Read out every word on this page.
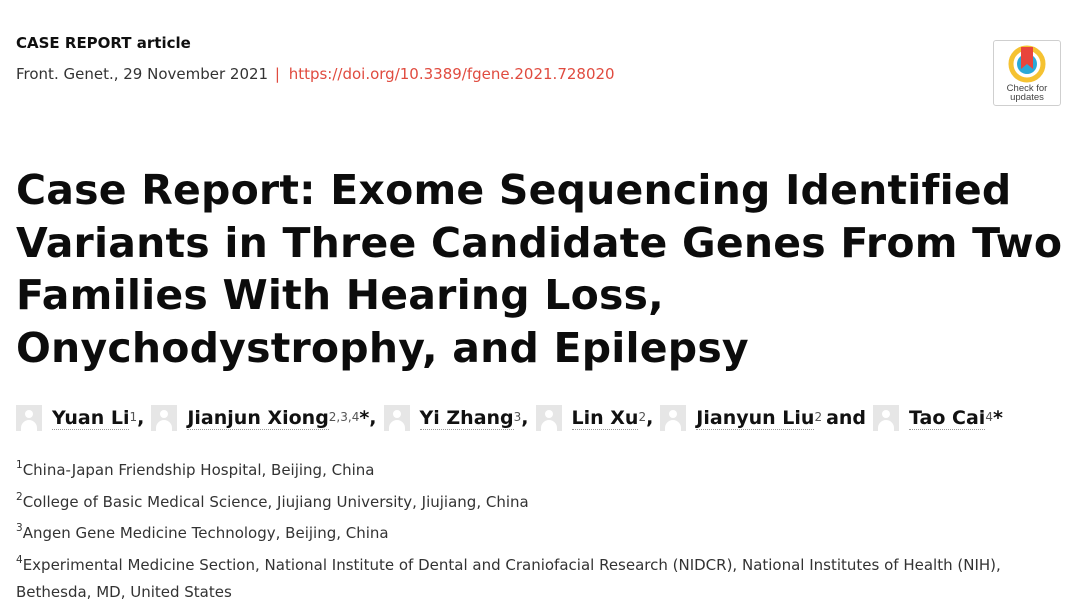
CASE REPORT article
Front. Genet., 29 November 2021 | https://doi.org/10.3389/fgene.2021.728020
Check for
updates
Case Report: Exome Sequencing Identified Variants in Three Candidate Genes From Two Families With Hearing Loss, Onychodystrophy, and Epilepsy
Yuan Li$^1$ , Jianjun Xiong$^{2,3,4}$ * , Yi Zhang$^3$ , Lin Xu$^2$ , Jianyun Liu$^2$ and Tao Cai$^4$ *
$^1$China-Japan Friendship Hospital, Beijing, China
$^2$College of Basic Medical Science, Jiujiang University, Jiujiang, China
$^3$Angen Gene Medicine Technology, Beijing, China
$^4$Experimental Medicine Section, National Institute of Dental and Craniofacial Research (NIDCR), National Institutes of Health (NIH), Bethesda, MD, United States
